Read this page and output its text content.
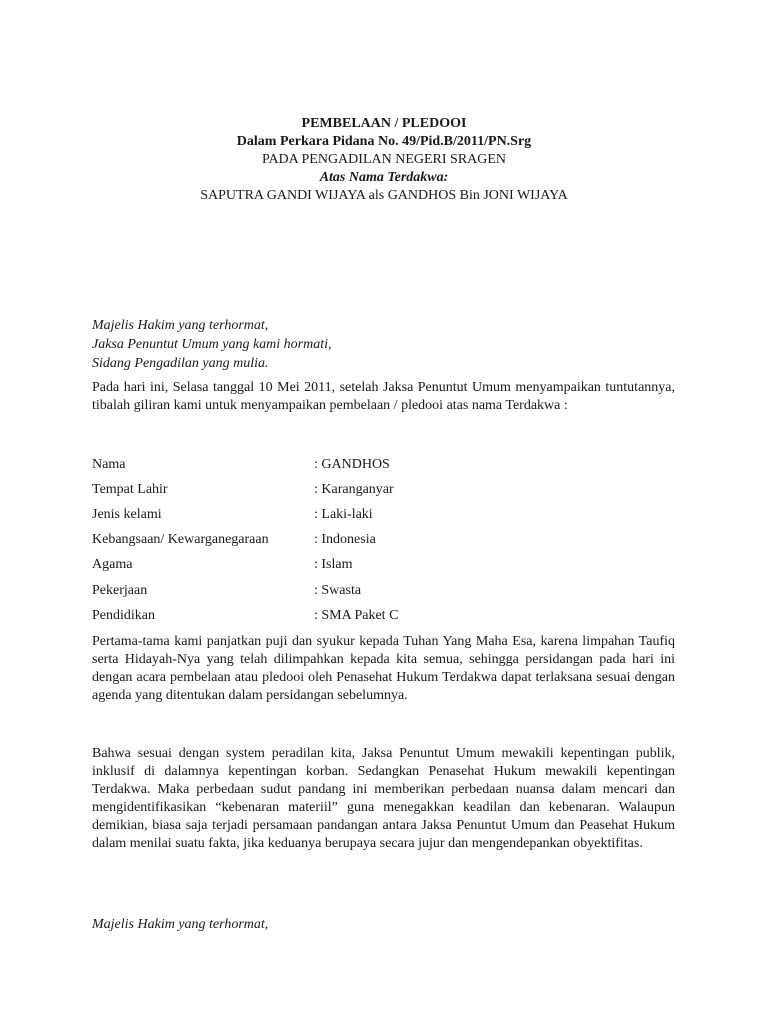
PEMBELAAN / PLEDOOI
Dalam Perkara Pidana No. 49/Pid.B/2011/PN.Srg
PADA PENGADILAN NEGERI SRAGEN
Atas Nama Terdakwa:
SAPUTRA GANDI WIJAYA als GANDHOS Bin JONI WIJAYA
Majelis Hakim yang terhormat,
Jaksa Penuntut Umum yang kami hormati,
Sidang Pengadilan yang mulia.
Pada hari ini, Selasa tanggal 10 Mei 2011, setelah Jaksa Penuntut Umum menyampaikan tuntutannya, tibalah giliran kami untuk menyampaikan pembelaan / pledooi atas nama Terdakwa :
Nama	: GANDHOS
Tempat Lahir	: Karanganyar
Jenis kelami	: Laki-laki
Kebangsaan/ Kewarganegaraan	: Indonesia
Agama	: Islam
Pekerjaan	: Swasta
Pendidikan	: SMA Paket C
Pertama-tama kami panjatkan puji dan syukur kepada Tuhan Yang Maha Esa, karena limpahan Taufiq serta Hidayah-Nya yang telah dilimpahkan kepada kita semua, sehingga persidangan pada hari ini dengan acara pembelaan atau pledooi oleh Penasehat Hukum Terdakwa dapat terlaksana sesuai dengan agenda yang ditentukan dalam persidangan sebelumnya.
Bahwa sesuai dengan system peradilan kita, Jaksa Penuntut Umum mewakili kepentingan publik, inklusif di dalamnya kepentingan korban. Sedangkan Penasehat Hukum mewakili kepentingan Terdakwa. Maka perbedaan sudut pandang ini memberikan perbedaan nuansa dalam mencari dan mengidentifikasikan “kebenaran materiil” guna menegakkan keadilan dan kebenaran. Walaupun demikian, biasa saja terjadi persamaan pandangan antara Jaksa Penuntut Umum dan Peasehat Hukum dalam menilai suatu fakta, jika keduanya berupaya secara jujur dan mengendepankan obyektifitas.
Majelis Hakim yang terhormat,
